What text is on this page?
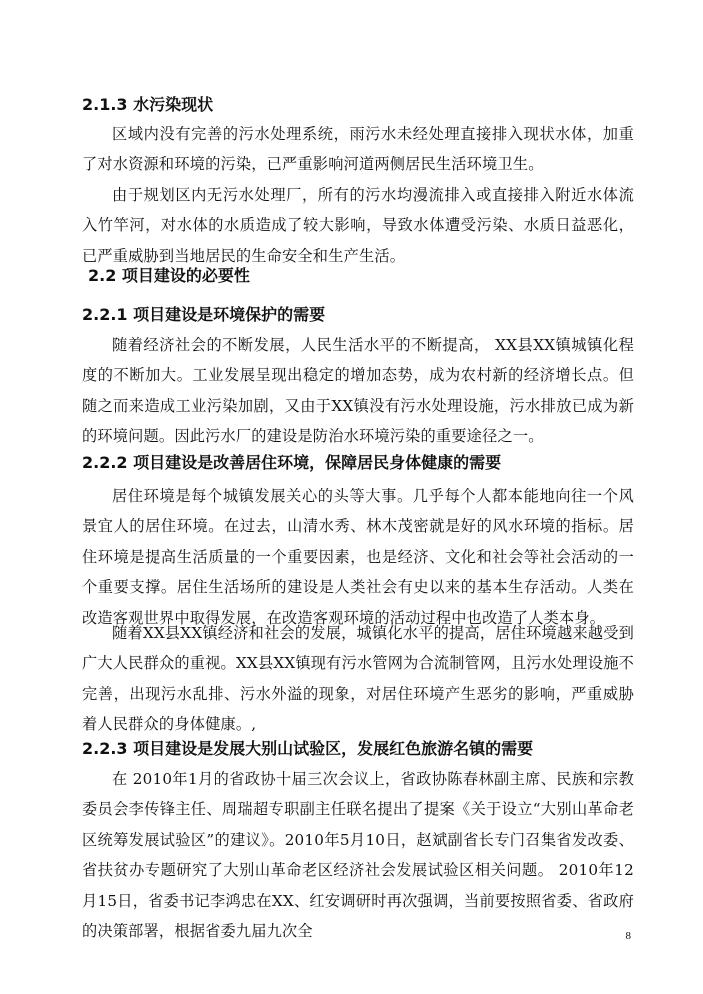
2.1.3 水污染现状

区域内没有完善的污水处理系统，雨污水未经处理直接排入现状水体，加重了对水资源和环境的污染，已严重影响河道两侧居民生活环境卫生。

由于规划区内无污水处理厂，所有的污水均漫流排入或直接排入附近水体流入竹竿河，对水体的水质造成了较大影响，导致水体遭受污染、水质日益恶化，已严重威胁到当地居民的生命安全和生产生活。

2.2 项目建设的必要性
2.2.1 项目建设是环境保护的需要

随着经济社会的不断发展，人民生活水平的不断提高， XX县XX镇城镇化程度的不断加大。工业发展呈现出稳定的增加态势，成为农村新的经济增长点。但随之而来造成工业污染加剧，又由于XX镇没有污水处理设施，污水排放已成为新的环境问题。因此污水厂的建设是防治水环境污染的重要途径之一。

2.2.2 项目建设是改善居住环境，保障居民身体健康的需要

居住环境是每个城镇发展关心的头等大事。几乎每个人都本能地向往一个风景宜人的居住环境。在过去，山清水秀、林木茂密就是好的风水环境的指标。居住环境是提高生活质量的一个重要因素，也是经济、文化和社会等社会活动的一个重要支撑。居住生活场所的建设是人类社会有史以来的基本生存活动。人类在改造客观世界中取得发展，在改造客观环境的活动过程中也改造了人类本身。

随着XX县XX镇经济和社会的发展，城镇化水平的提高，居住环境越来越受到广大人民群众的重视。XX县XX镇现有污水管网为合流制管网，且污水处理设施不完善，出现污水乱排、污水外溢的现象，对居住环境产生恶劣的影响，严重威胁着人民群众的身体健康。,

2.2.3 项目建设是发展大别山试验区，发展红色旅游名镇的需要

在 2010年1月的省政协十届三次会议上，省政协陈春林副主席、民族和宗教委员会李传锋主任、周瑞超专职副主任联名提出了提案《关于设立“大别山革命老区统筹发展试验区”的建议》。2010年5月10日，赵斌副省长专门召集省发改委、省扶贫办专题研究了大别山革命老区经济社会发展试验区相关问题。 2010年12月15日，省委书记李鸿忠在XX、红安调研时再次强调，当前要按照省委、省政府的决策部署，根据省委九届九次全	8
